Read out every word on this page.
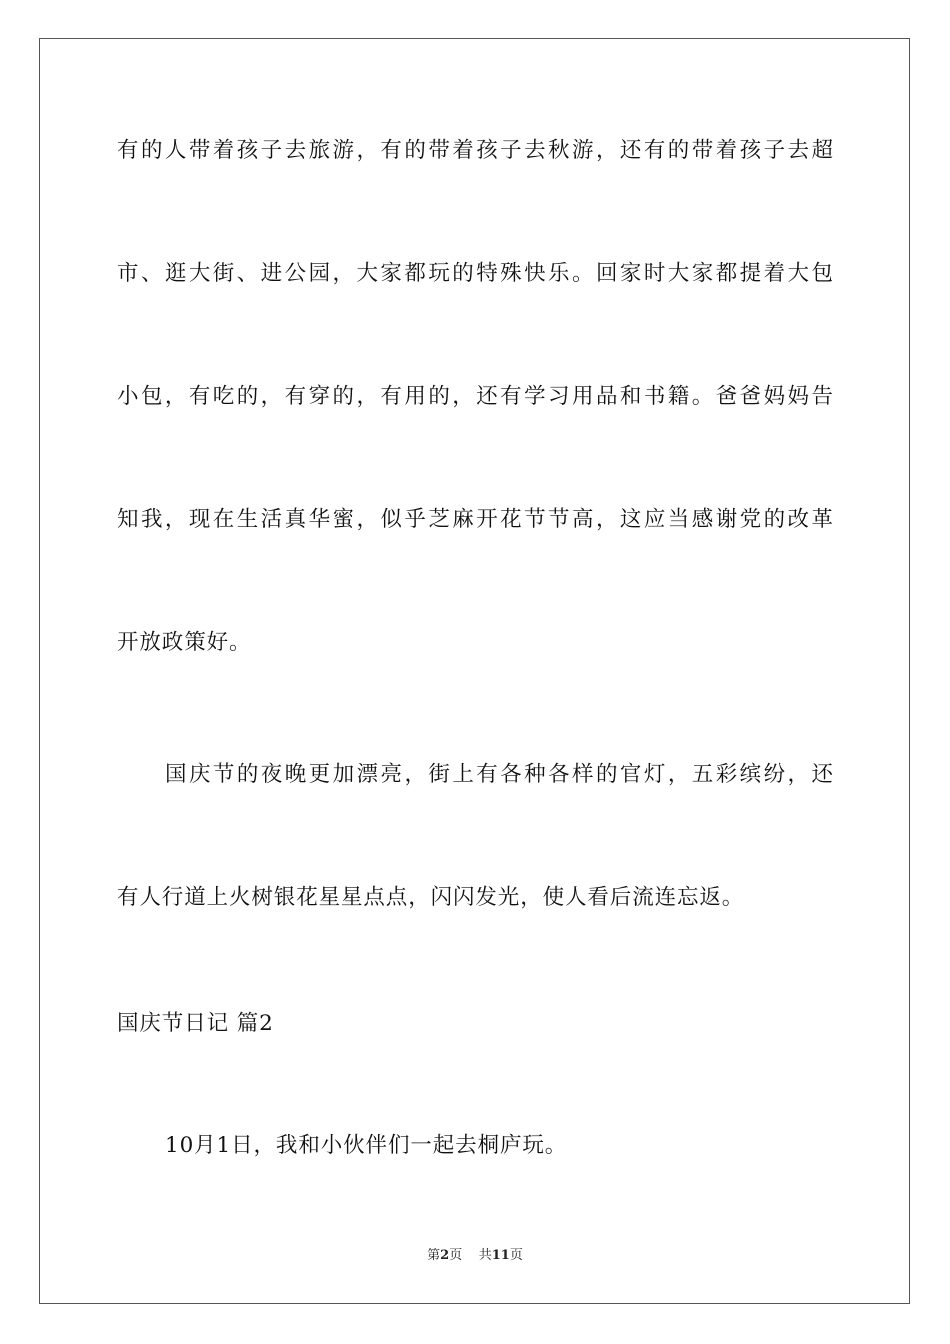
有的人带着孩子去旅游，有的带着孩子去秋游，还有的带着孩子去超
市、逛大街、进公园，大家都玩的特殊快乐。回家时大家都提着大包
小包，有吃的，有穿的，有用的，还有学习用品和书籍。爸爸妈妈告
知我，现在生活真华蜜，似乎芝麻开花节节高，这应当感谢党的改革
开放政策好。
国庆节的夜晚更加漂亮，街上有各种各样的官灯，五彩缤纷，还
有人行道上火树银花星星点点，闪闪发光，使人看后流连忘返。
国庆节日记 篇2
10月1日，我和小伙伴们一起去桐庐玩。
第2页    共11页
